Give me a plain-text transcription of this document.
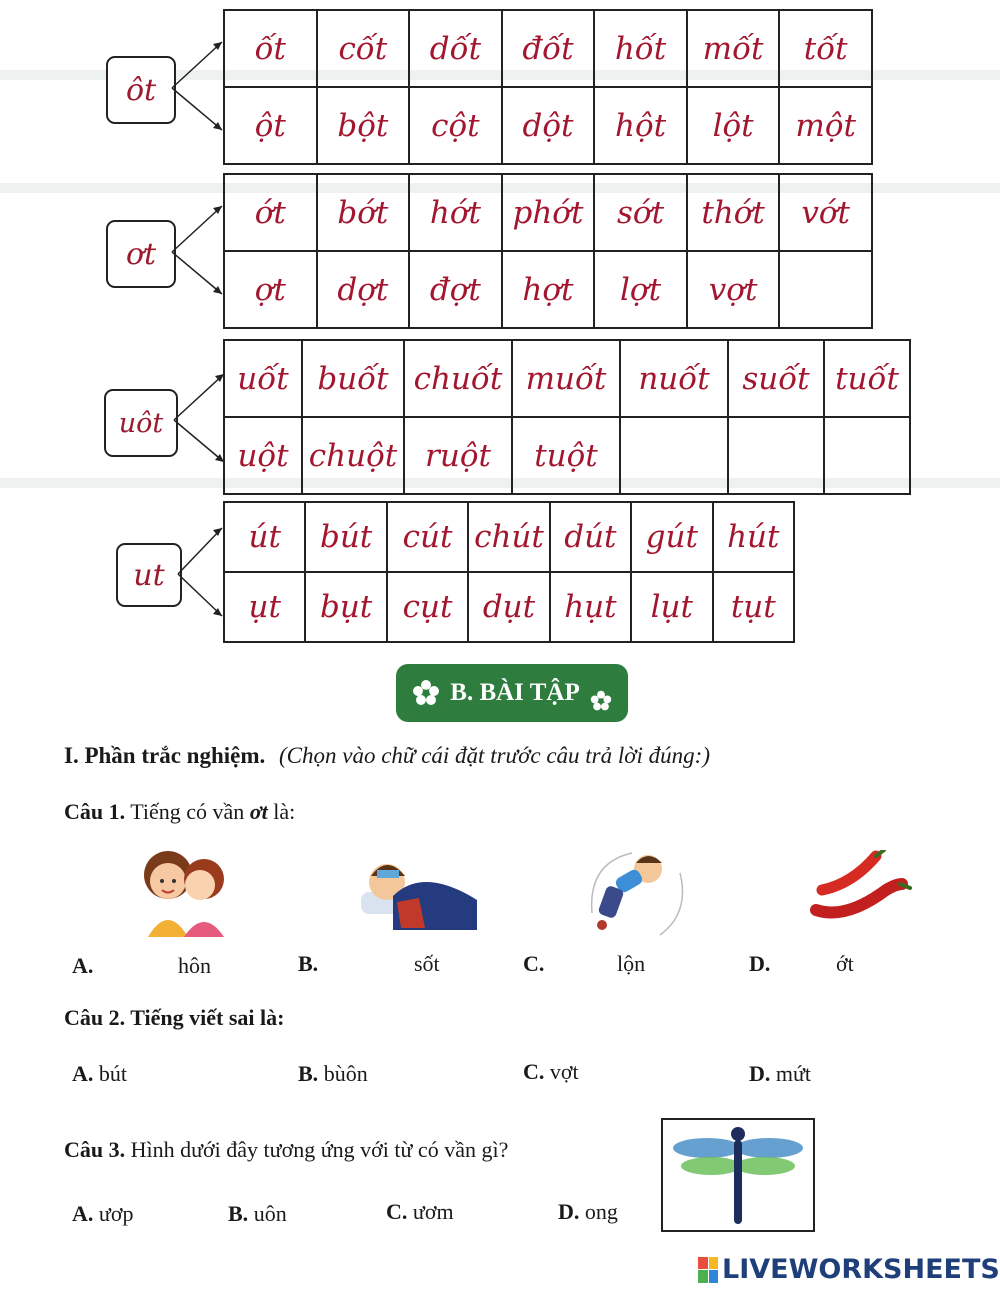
ôt
ốt	cốt	dốt	đốt	hốt	mốt	tốt
ột	bột	cột	dột	hột	lột	một
ơt
ớt	bớt	hớt	phớt	sớt	thớt	vớt
ợt	dợt	đợt	hợt	lợt	vợt	
uôt
uốt	buốt	chuốt	muốt	nuốt	suốt	tuốt
uột	chuột	ruột	tuột			
ut
út	bút	cút	chút	dút	gút	hút
ụt	bụt	cụt	dụt	hụt	lụt	tụt
B. BÀI TẬP
I. Phần trắc nghiệm. (Chọn vào chữ cái đặt trước câu trả lời đúng:)
Câu 1. Tiếng có vần ơt là:
A.	hôn	B.	sốt	C.	lộn	D.	ớt
Câu 2. Tiếng viết sai là:
A. bút	B. bùôn	C. vợt	D. mứt
Câu 3. Hình dưới đây tương ứng với từ có vần gì?
A. ươp	B. uôn	C. ươm	D. ong
LIVEWORKSHEETS
